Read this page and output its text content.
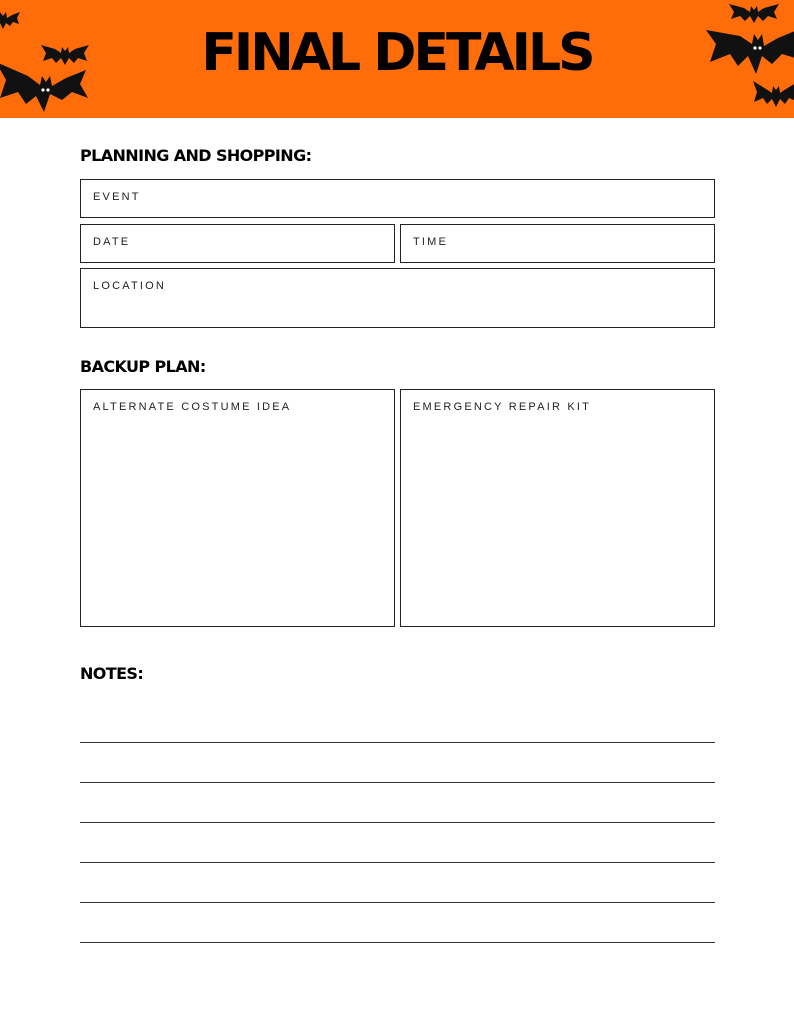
FINAL DETAILS
PLANNING AND SHOPPING:
EVENT
DATE	TIME
LOCATION
BACKUP PLAN:
ALTERNATE COSTUME IDEA	EMERGENCY REPAIR KIT
NOTES:
